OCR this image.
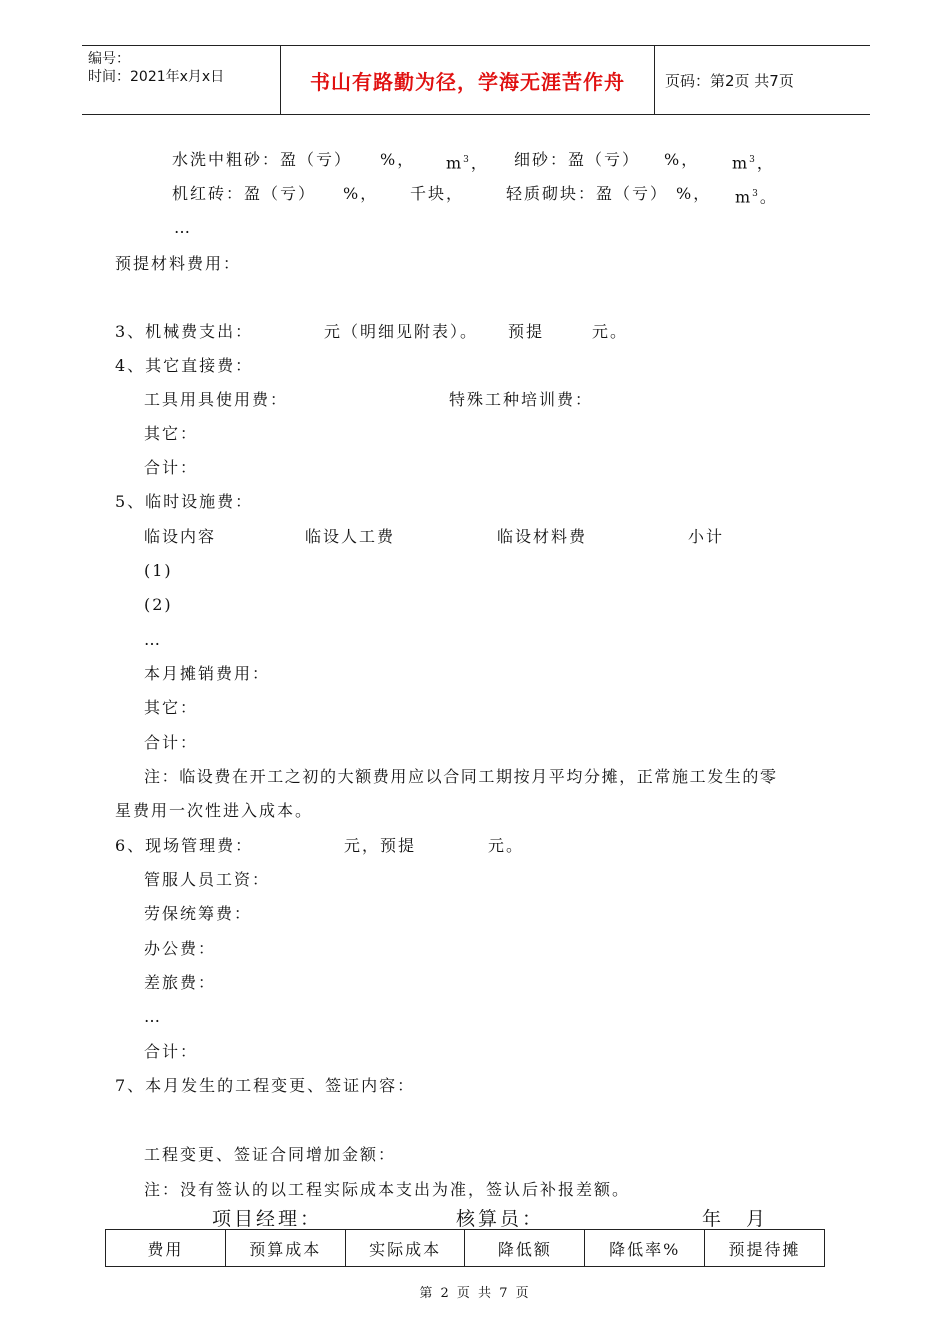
编号：
时间：2021年x月x日	书山有路勤为径，学海无涯苦作舟	页码：第2页 共7页
水洗中粗砂：盈（亏） %， $m^3$， 细砂：盈（亏） %， $m^3$，
机红砖：盈（亏） %， 千块，	轻质砌块：盈（亏） %， $m^3$。
…
预提材料费用：
3、机械费支出：	元（明细见附表）。 预提	元。
4、其它直接费：
工具用具使用费：	特殊工种培训费：
其它：
合计：
5、临时设施费：
临设内容	临设人工费	临设材料费	小计
(1)
(2)
…
本月摊销费用：
其它：
合计：
注：临设费在开工之初的大额费用应以合同工期按月平均分摊，正常施工发生的零
星费用一次性进入成本。
6、现场管理费：	元，预提	元。
管服人员工资：
劳保统筹费：
办公费：
差旅费：
…
合计：
7、本月发生的工程变更、签证内容：
工程变更、签证合同增加金额：
注：没有签认的以工程实际成本支出为准，签认后补报差额。
项目经理：	核算员：	年 月
费用	预算成本	实际成本	降低额	降低率%	预提待摊
第 2 页 共 7 页
